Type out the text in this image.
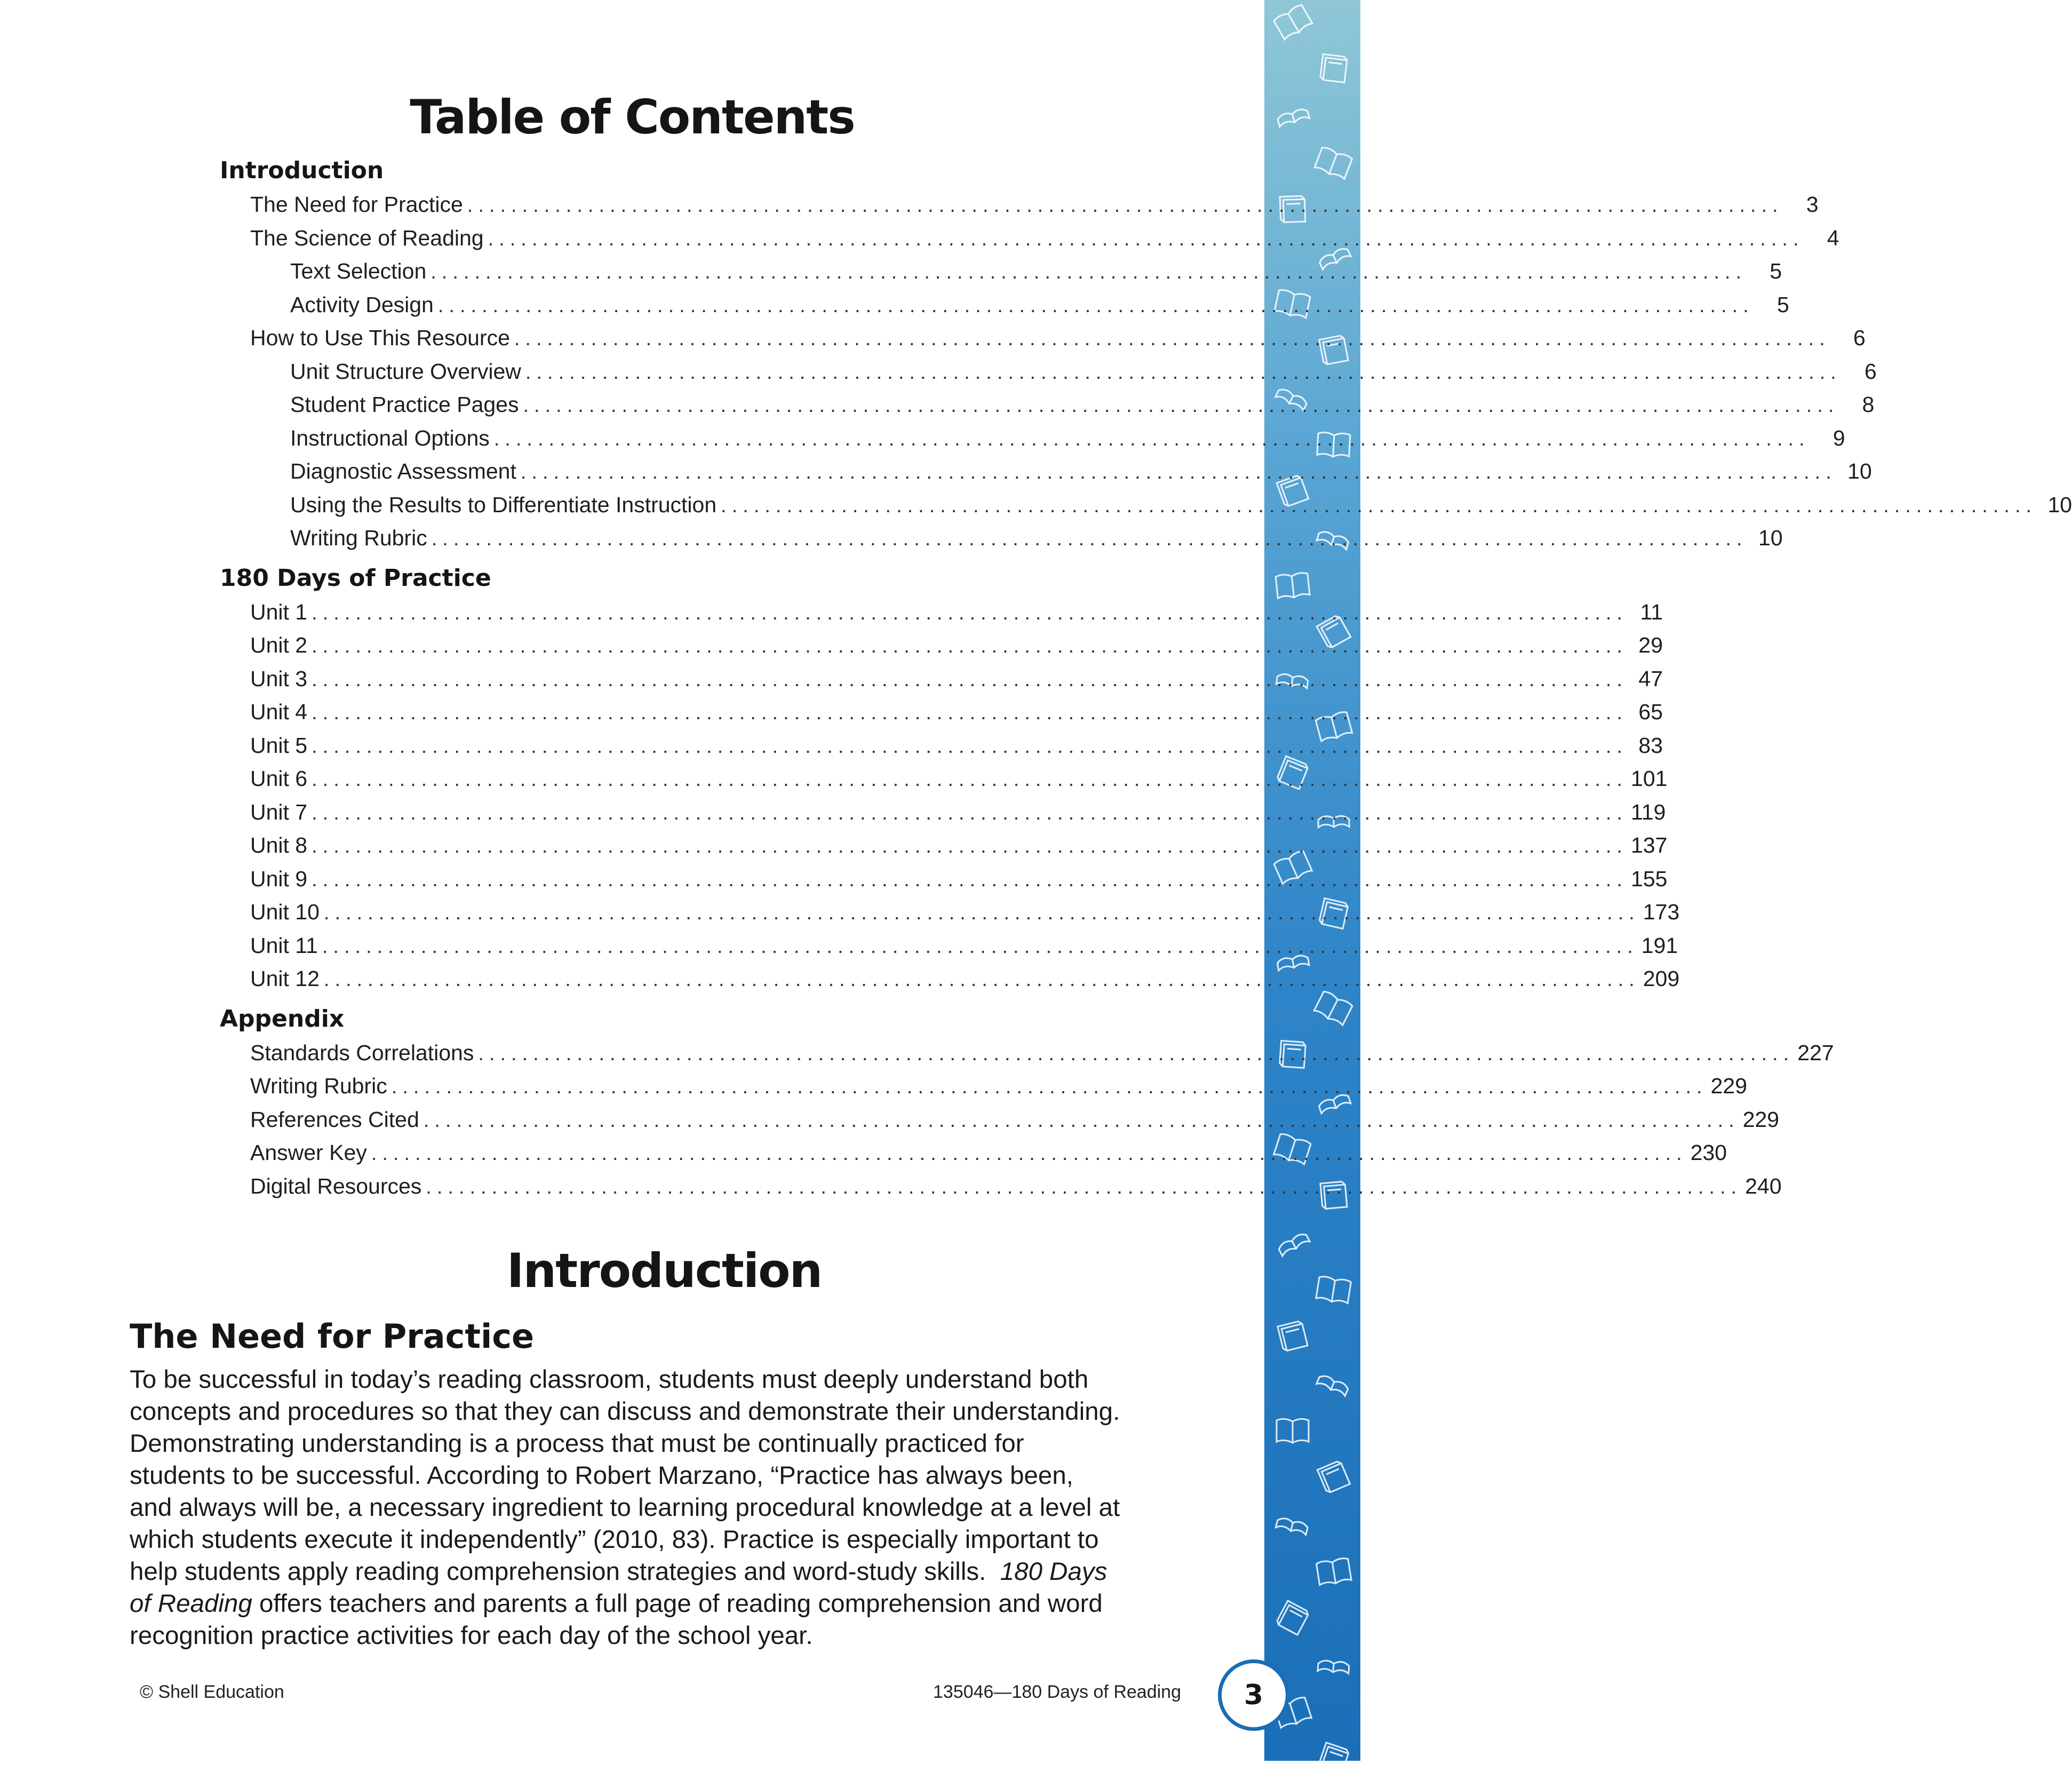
Table of Contents
Introduction
The Need for Practice ........................................................................................................................	3
The Science of Reading ........................................................................................................................	4
Text Selection ........................................................................................................................	5
Activity Design ........................................................................................................................	5
How to Use This Resource ........................................................................................................................	6
Unit Structure Overview ........................................................................................................................	6
Student Practice Pages ........................................................................................................................	8
Instructional Options ........................................................................................................................	9
Diagnostic Assessment ........................................................................................................................ 10
Using the Results to Differentiate Instruction ........................................................................................................................ 10
Writing Rubric ........................................................................................................................ 10
180 Days of Practice
Unit 1 ........................................................................................................................ 11
Unit 2 ........................................................................................................................ 29
Unit 3 ........................................................................................................................ 47
Unit 4 ........................................................................................................................ 65
Unit 5 ........................................................................................................................ 83
Unit 6 ........................................................................................................................ 101
Unit 7 ........................................................................................................................ 119
Unit 8 ........................................................................................................................ 137
Unit 9 ........................................................................................................................ 155
Unit 10 ........................................................................................................................ 173
Unit 11 ........................................................................................................................ 191
Unit 12 ........................................................................................................................ 209
Appendix
Standards Correlations ........................................................................................................................ 227
Writing Rubric ........................................................................................................................ 229
References Cited ........................................................................................................................ 229
Answer Key ........................................................................................................................ 230
Digital Resources ........................................................................................................................ 240
Introduction
The Need for Practice
To be successful in today’s reading classroom, students must deeply understand both
concepts and procedures so that they can discuss and demonstrate their understanding.
Demonstrating understanding is a process that must be continually practiced for
students to be successful. According to Robert Marzano, “Practice has always been,
and always will be, a necessary ingredient to learning procedural knowledge at a level at
which students execute it independently” (2010, 83). Practice is especially important to
help students apply reading comprehension strategies and word-study skills.  180 Days
of Reading offers teachers and parents a full page of reading comprehension and word
recognition practice activities for each day of the school year.
© Shell Education	135046—180 Days of Reading	3
